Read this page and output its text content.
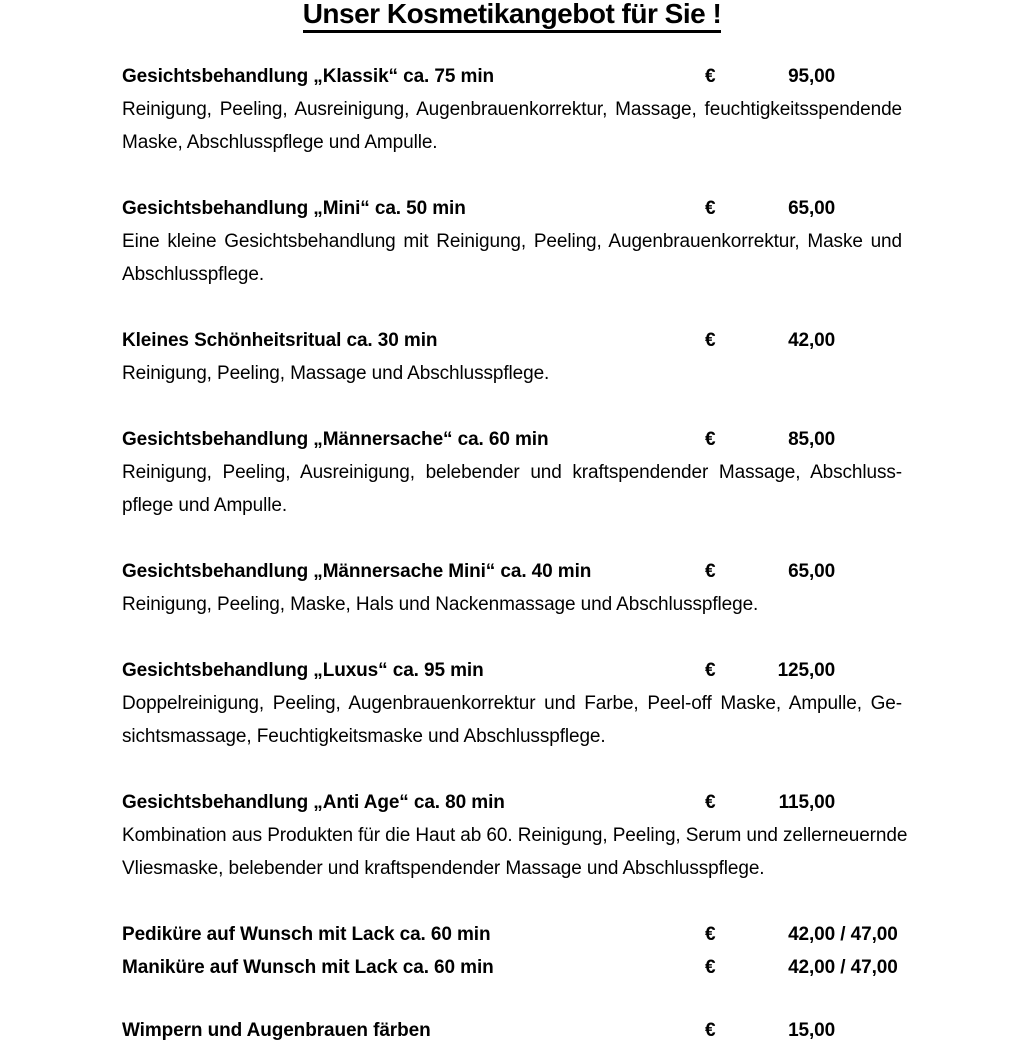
Unser Kosmetikangebot für Sie !
Gesichtsbehandlung „Klassik“ ca. 75 min	€	95,00
Reinigung, Peeling, Ausreinigung, Augenbrauenkorrektur, Massage, feuchtigkeitsspendende
Maske, Abschlusspflege und Ampulle.
Gesichtsbehandlung „Mini“ ca. 50 min	€	65,00
Eine kleine Gesichtsbehandlung mit Reinigung, Peeling, Augenbrauenkorrektur, Maske und
Abschlusspflege.
Kleines Schönheitsritual ca. 30 min	€	42,00
Reinigung, Peeling, Massage und Abschlusspflege.
Gesichtsbehandlung „Männersache“ ca. 60 min	€	85,00
Reinigung, Peeling, Ausreinigung, belebender und kraftspendender Massage, Abschluss-
pflege und Ampulle.
Gesichtsbehandlung „Männersache Mini“ ca. 40 min	€	65,00
Reinigung, Peeling, Maske, Hals und Nackenmassage und Abschlusspflege.
Gesichtsbehandlung „Luxus“ ca. 95 min	€	125,00
Doppelreinigung, Peeling, Augenbrauenkorrektur und Farbe, Peel-off Maske, Ampulle, Ge-
sichtsmassage, Feuchtigkeitsmaske und Abschlusspflege.
Gesichtsbehandlung „Anti Age“ ca. 80 min	€	115,00
Kombination aus Produkten für die Haut ab 60. Reinigung, Peeling, Serum und zellerneuernde
Vliesmaske, belebender und kraftspendender Massage und Abschlusspflege.
Pediküre auf Wunsch mit Lack ca. 60 min	€	42,00 / 47,00
Maniküre auf Wunsch mit Lack ca. 60 min	€	42,00 / 47,00
Wimpern und Augenbrauen färben	€	15,00
